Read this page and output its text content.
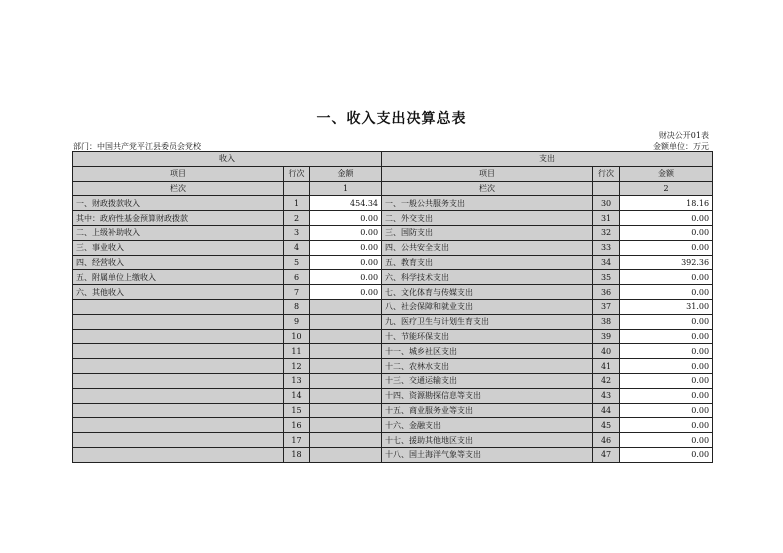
一、收入支出决算总表
财决公开01表
部门：中国共产党平江县委员会党校	金额单位：万元
收入			支出		
项目	行次	金额	项目	行次	金额
栏次		1	栏次		2
一、财政拨款收入	1	454.34	一、一般公共服务支出	30	18.16
其中：政府性基金预算财政拨款	2	0.00	二、外交支出	31	0.00
二、上级补助收入	3	0.00	三、国防支出	32	0.00
三、事业收入	4	0.00	四、公共安全支出	33	0.00
四、经营收入	5	0.00	五、教育支出	34	392.36
五、附属单位上缴收入	6	0.00	六、科学技术支出	35	0.00
六、其他收入	7	0.00	七、文化体育与传媒支出	36	0.00
	8		八、社会保障和就业支出	37	31.00
	9		九、医疗卫生与计划生育支出	38	0.00
	10		十、节能环保支出	39	0.00
	11		十一、城乡社区支出	40	0.00
	12		十二、农林水支出	41	0.00
	13		十三、交通运输支出	42	0.00
	14		十四、资源勘探信息等支出	43	0.00
	15		十五、商业服务业等支出	44	0.00
	16		十六、金融支出	45	0.00
	17		十七、援助其他地区支出	46	0.00
	18		十八、国土海洋气象等支出	47	0.00
